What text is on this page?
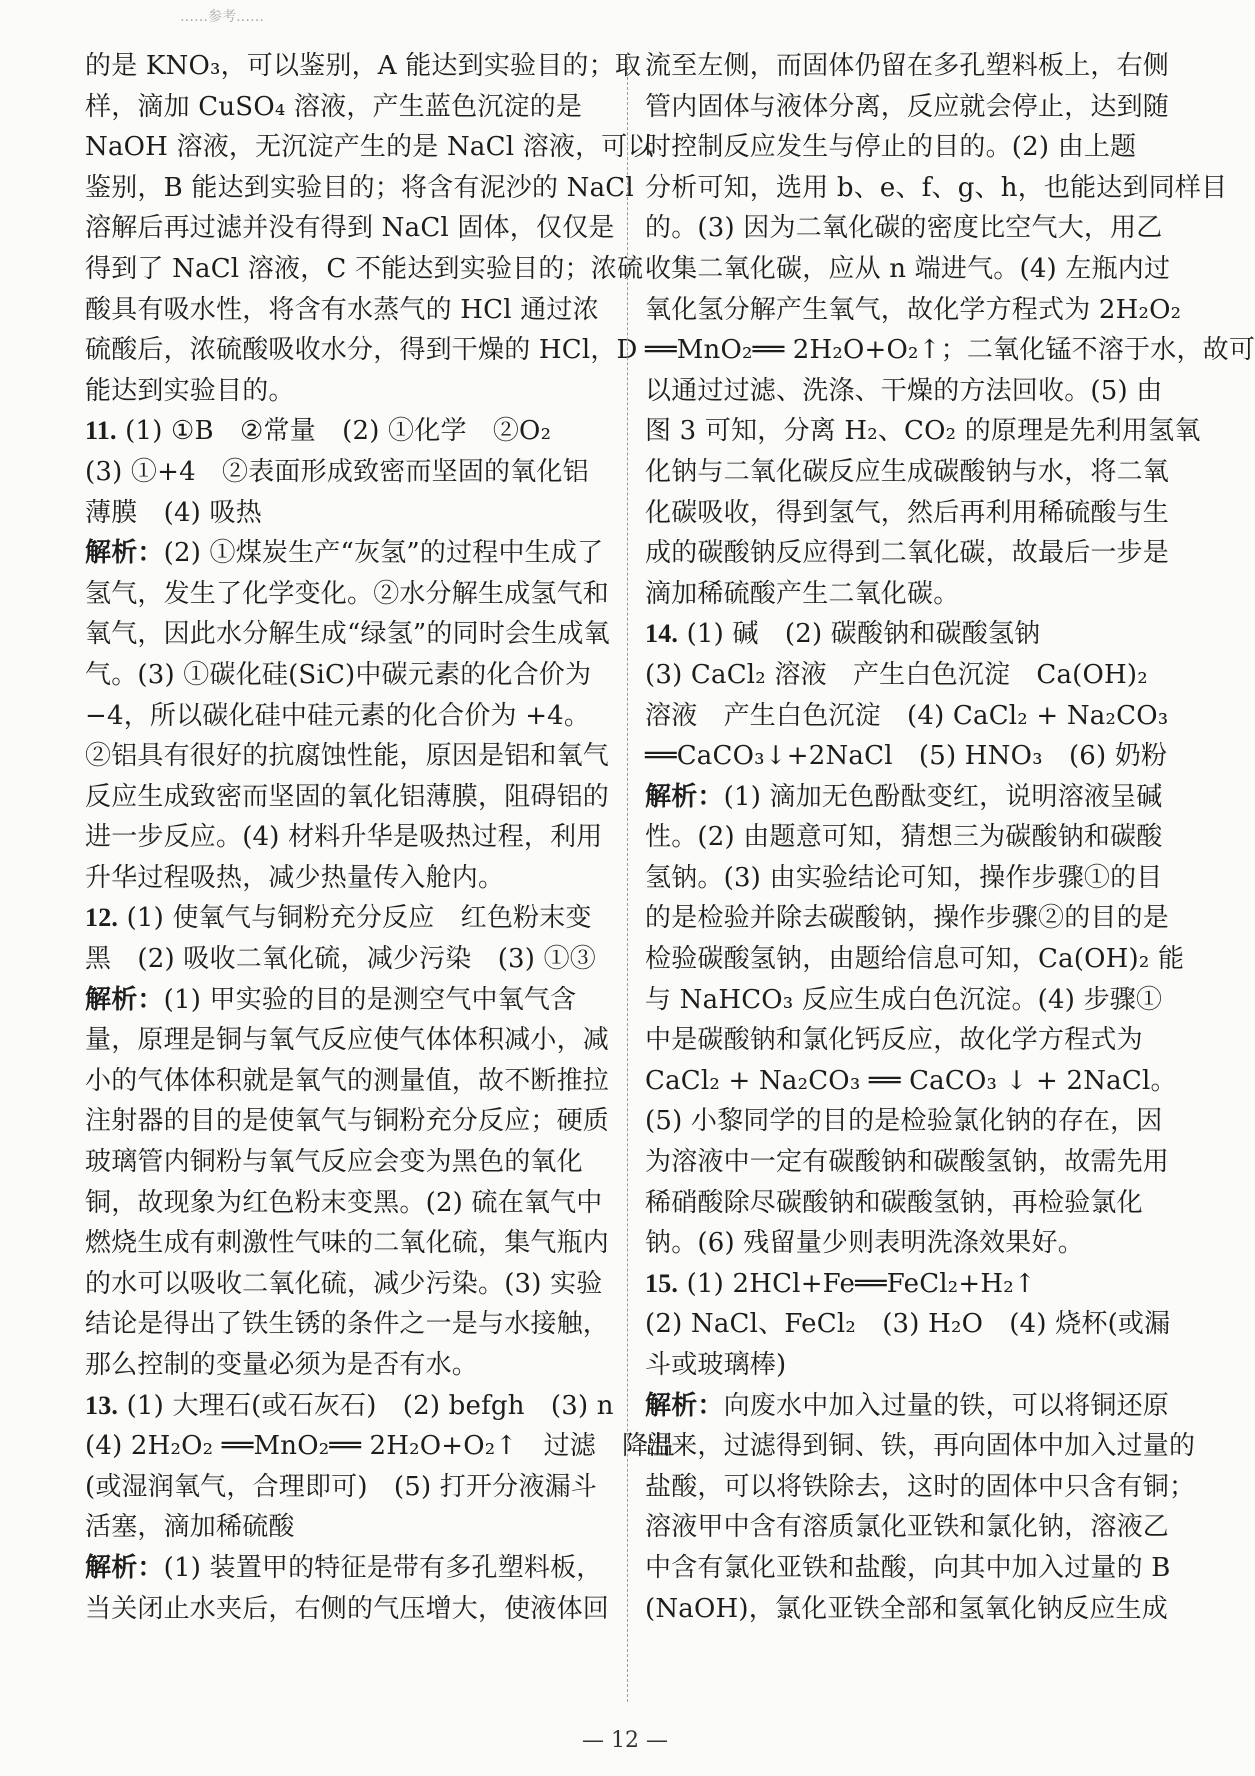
……参考……
的是 KNO₃，可以鉴别，A 能达到实验目的；取
样，滴加 CuSO₄ 溶液，产生蓝色沉淀的是
NaOH 溶液，无沉淀产生的是 NaCl 溶液，可以
鉴别，B 能达到实验目的；将含有泥沙的 NaCl
溶解后再过滤并没有得到 NaCl 固体，仅仅是
得到了 NaCl 溶液，C 不能达到实验目的；浓硫
酸具有吸水性，将含有水蒸气的 HCl 通过浓
硫酸后，浓硫酸吸收水分，得到干燥的 HCl，D
能达到实验目的。
11. (1) ①B　②常量　(2) ①化学　②O₂
(3) ①+4　②表面形成致密而坚固的氧化铝
薄膜　(4) 吸热
解析：(2) ①煤炭生产“灰氢”的过程中生成了
氢气，发生了化学变化。②水分解生成氢气和
氧气，因此水分解生成“绿氢”的同时会生成氧
气。(3) ①碳化硅(SiC)中碳元素的化合价为
−4，所以碳化硅中硅元素的化合价为 +4。
②铝具有很好的抗腐蚀性能，原因是铝和氧气
反应生成致密而坚固的氧化铝薄膜，阻碍铝的
进一步反应。(4) 材料升华是吸热过程，利用
升华过程吸热，减少热量传入舱内。
12. (1) 使氧气与铜粉充分反应　红色粉末变
黑　(2) 吸收二氧化硫，减少污染　(3) ①③
解析：(1) 甲实验的目的是测空气中氧气含
量，原理是铜与氧气反应使气体体积减小，减
小的气体体积就是氧气的测量值，故不断推拉
注射器的目的是使氧气与铜粉充分反应；硬质
玻璃管内铜粉与氧气反应会变为黑色的氧化
铜，故现象为红色粉末变黑。(2) 硫在氧气中
燃烧生成有刺激性气味的二氧化硫，集气瓶内
的水可以吸收二氧化硫，减少污染。(3) 实验
结论是得出了铁生锈的条件之一是与水接触，
那么控制的变量必须为是否有水。
13. (1) 大理石(或石灰石)　(2) befgh　(3) n
(4) 2H₂O₂ ══MnO₂══ 2H₂O+O₂↑　过滤　降温
(或湿润氧气，合理即可)　(5) 打开分液漏斗
活塞，滴加稀硫酸
解析：(1) 装置甲的特征是带有多孔塑料板，
当关闭止水夹后，右侧的气压增大，使液体回
流至左侧，而固体仍留在多孔塑料板上，右侧
管内固体与液体分离，反应就会停止，达到随
时控制反应发生与停止的目的。(2) 由上题
分析可知，选用 b、e、f、g、h，也能达到同样目
的。(3) 因为二氧化碳的密度比空气大，用乙
收集二氧化碳，应从 n 端进气。(4) 左瓶内过
氧化氢分解产生氧气，故化学方程式为 2H₂O₂
══MnO₂══ 2H₂O+O₂↑；二氧化锰不溶于水，故可
以通过过滤、洗涤、干燥的方法回收。(5) 由
图 3 可知，分离 H₂、CO₂ 的原理是先利用氢氧
化钠与二氧化碳反应生成碳酸钠与水，将二氧
化碳吸收，得到氢气，然后再利用稀硫酸与生
成的碳酸钠反应得到二氧化碳，故最后一步是
滴加稀硫酸产生二氧化碳。
14. (1) 碱　(2) 碳酸钠和碳酸氢钠
(3) CaCl₂ 溶液　产生白色沉淀　Ca(OH)₂
溶液　产生白色沉淀　(4) CaCl₂ + Na₂CO₃
══CaCO₃↓+2NaCl　(5) HNO₃　(6) 奶粉
解析：(1) 滴加无色酚酞变红，说明溶液呈碱
性。(2) 由题意可知，猜想三为碳酸钠和碳酸
氢钠。(3) 由实验结论可知，操作步骤①的目
的是检验并除去碳酸钠，操作步骤②的目的是
检验碳酸氢钠，由题给信息可知，Ca(OH)₂ 能
与 NaHCO₃ 反应生成白色沉淀。(4) 步骤①
中是碳酸钠和氯化钙反应，故化学方程式为
CaCl₂ + Na₂CO₃ ══ CaCO₃ ↓ + 2NaCl。
(5) 小黎同学的目的是检验氯化钠的存在，因
为溶液中一定有碳酸钠和碳酸氢钠，故需先用
稀硝酸除尽碳酸钠和碳酸氢钠，再检验氯化
钠。(6) 残留量少则表明洗涤效果好。
15. (1) 2HCl+Fe══FeCl₂+H₂↑
(2) NaCl、FeCl₂　(3) H₂O　(4) 烧杯(或漏
斗或玻璃棒)
解析：向废水中加入过量的铁，可以将铜还原
出来，过滤得到铜、铁，再向固体中加入过量的
盐酸，可以将铁除去，这时的固体中只含有铜；
溶液甲中含有溶质氯化亚铁和氯化钠，溶液乙
中含有氯化亚铁和盐酸，向其中加入过量的 B
(NaOH)，氯化亚铁全部和氢氧化钠反应生成
— 12 —
